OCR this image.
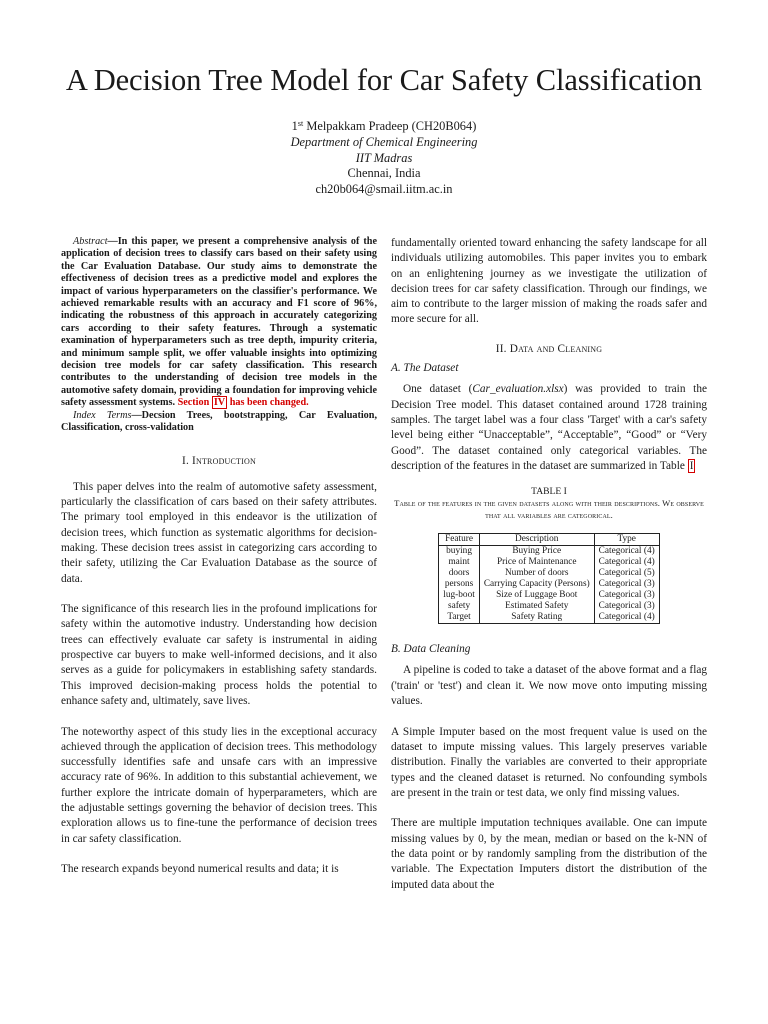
A Decision Tree Model for Car Safety Classification
1st Melpakkam Pradeep (CH20B064)
Department of Chemical Engineering
IIT Madras
Chennai, India
ch20b064@smail.iitm.ac.in

Abstract—In this paper, we present a comprehensive analysis of the application of decision trees to classify cars based on their safety using the Car Evaluation Database. Our study aims to demonstrate the effectiveness of decision trees as a predictive model and explores the impact of various hyperparameters on the classifier's performance. We achieved remarkable results with an accuracy and F1 score of 96%, indicating the robustness of this approach in accurately categorizing cars according to their safety features. Through a systematic examination of hyperparameters such as tree depth, impurity criteria, and minimum sample split, we offer valuable insights into optimizing decision tree models for car safety classification. This research contributes to the understanding of decision tree models in the automotive safety domain, providing a foundation for improving vehicle safety assessment systems. Section IV has been changed.

Index Terms—Decsion Trees, bootstrapping, Car Evaluation, Classification, cross-validation

I. Introduction

This paper delves into the realm of automotive safety assessment, particularly the classification of cars based on their safety attributes. The primary tool employed in this endeavor is the utilization of decision trees, which function as systematic algorithms for decision-making. These decision trees assist in categorizing cars according to their safety, utilizing the Car Evaluation Database as the source of data.

The significance of this research lies in the profound implications for safety within the automotive industry. Understanding how decision trees can effectively evaluate car safety is instrumental in aiding prospective car buyers to make well-informed decisions, and it also serves as a guide for policymakers in establishing safety standards. This improved decision-making process holds the potential to enhance safety and, ultimately, save lives.

The noteworthy aspect of this study lies in the exceptional accuracy achieved through the application of decision trees. This methodology successfully identifies safe and unsafe cars with an impressive accuracy rate of 96%. In addition to this substantial achievement, we further explore the intricate domain of hyperparameters, which are the adjustable settings governing the behavior of decision trees. This exploration allows us to fine-tune the performance of decision trees in car safety classification.

The research expands beyond numerical results and data; it is

fundamentally oriented toward enhancing the safety landscape for all individuals utilizing automobiles. This paper invites you to embark on an enlightening journey as we investigate the utilization of decision trees for car safety classification. Through our findings, we aim to contribute to the larger mission of making the roads safer and more secure for all.

II. Data and Cleaning
A. The Dataset

One dataset (Car_evaluation.xlsx) was provided to train the Decision Tree model. This dataset contained around 1728 training samples. The target label was a four class 'Target' with a car's safety level being either “Unacceptable”, “Acceptable”, “Good” or “Very Good”. The dataset contained only categorical variables. The description of the features in the dataset are summarized in Table I

TABLE I
Table of the features in the given datasets along with their descriptions. We observe that all variables are categorical.
Feature	Description	Type
buying	Buying Price	Categorical (4)
maint	Price of Maintenance	Categorical (4)
doors	Number of doors	Categorical (5)
persons	Carrying Capacity (Persons)	Categorical (3)
lug-boot	Size of Luggage Boot	Categorical (3)
safety	Estimated Safety	Categorical (3)
Target	Safety Rating	Categorical (4)
B. Data Cleaning

A pipeline is coded to take a dataset of the above format and a flag ('train' or 'test') and clean it. We now move onto imputing missing values.

A Simple Imputer based on the most frequent value is used on the dataset to impute missing values. This largely preserves variable distribution. Finally the variables are converted to their appropriate types and the cleaned dataset is returned. No confounding symbols are present in the train or test data, we only find missing values.

There are multiple imputation techniques available. One can impute missing values by 0, by the mean, median or based on the k-NN of the data point or by randomly sampling from the distribution of the variable. The Expectation Imputers distort the distribution of the imputed data about the
